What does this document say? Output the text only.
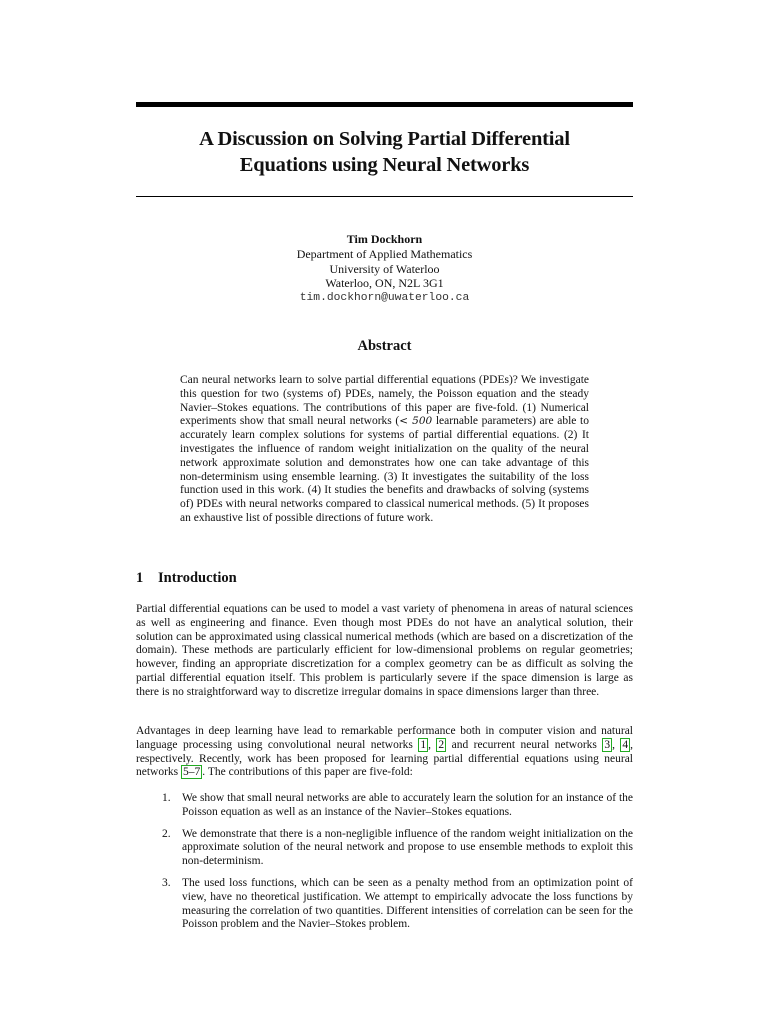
A Discussion on Solving Partial Differential
Equations using Neural Networks
Tim Dockhorn
Department of Applied Mathematics
University of Waterloo
Waterloo, ON, N2L 3G1
tim.dockhorn@uwaterloo.ca
Abstract
Can neural networks learn to solve partial differential equations (PDEs)? We investigate this question for two (systems of) PDEs, namely, the Poisson equation and the steady Navier–Stokes equations. The contributions of this paper are five-fold. (1) Numerical experiments show that small neural networks (< 500 learnable parameters) are able to accurately learn complex solutions for systems of partial differential equations. (2) It investigates the influence of random weight initialization on the quality of the neural network approximate solution and demonstrates how one can take advantage of this non-determinism using ensemble learning. (3) It investigates the suitability of the loss function used in this work. (4) It studies the benefits and drawbacks of solving (systems of) PDEs with neural networks compared to classical numerical methods. (5) It proposes an exhaustive list of possible directions of future work.
1 Introduction
Partial differential equations can be used to model a vast variety of phenomena in areas of natural sciences as well as engineering and finance. Even though most PDEs do not have an analytical solution, their solution can be approximated using classical numerical methods (which are based on a discretization of the domain). These methods are particularly efficient for low-dimensional problems on regular geometries; however, finding an appropriate discretization for a complex geometry can be as difficult as solving the partial differential equation itself. This problem is particularly severe if the space dimension is large as there is no straightforward way to discretize irregular domains in space dimensions larger than three.
Advantages in deep learning have lead to remarkable performance both in computer vision and natural language processing using convolutional neural networks 1 , 2 and recurrent neural networks 3 , 4 , respectively. Recently, work has been proposed for learning partial differential equations using neural networks 5–7 . The contributions of this paper are five-fold:
1. We show that small neural networks are able to accurately learn the solution for an instance of the Poisson equation as well as an instance of the Navier–Stokes equations.
2. We demonstrate that there is a non-negligible influence of the random weight initialization on the approximate solution of the neural network and propose to use ensemble methods to exploit this non-determinism.
3. The used loss functions, which can be seen as a penalty method from an optimization point of view, have no theoretical justification. We attempt to empirically advocate the loss functions by measuring the correlation of two quantities. Different intensities of correlation can be seen for the Poisson problem and the Navier–Stokes problem.
